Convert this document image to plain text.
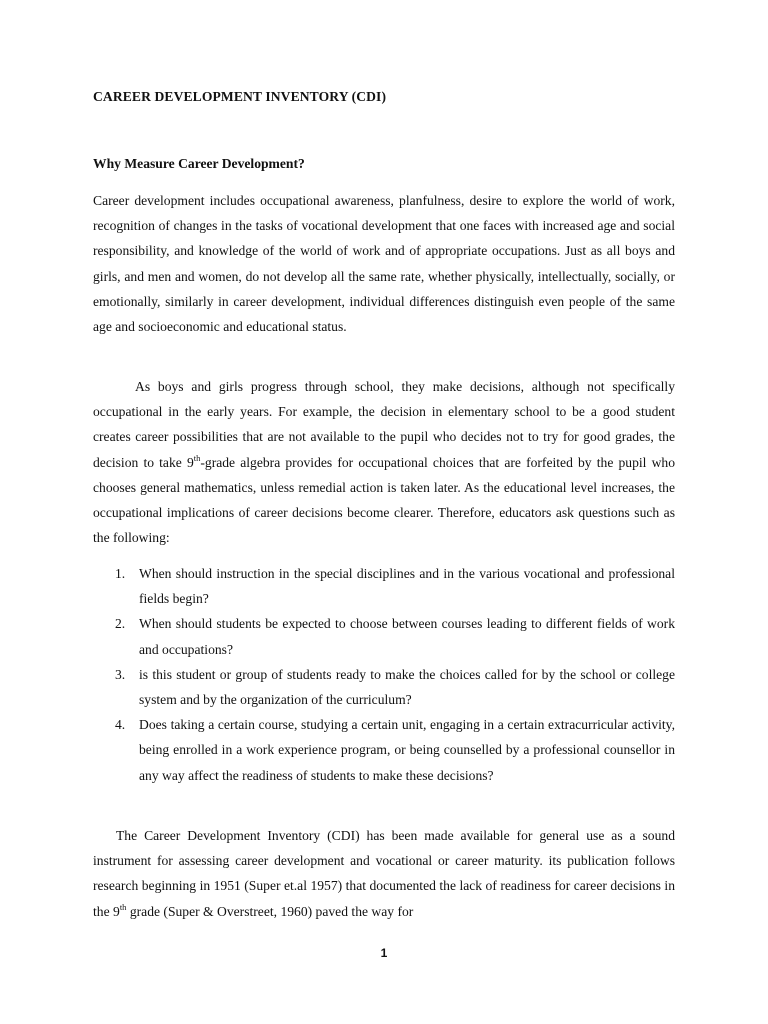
CAREER DEVELOPMENT INVENTORY (CDI)
Why Measure Career Development?

Career development includes occupational awareness, planfulness, desire to explore the world of work, recognition of changes in the tasks of vocational development that one faces with increased age and social responsibility, and knowledge of the world of work and of appropriate occupations. Just as all boys and girls, and men and women, do not develop all the same rate, whether physically, intellectually, socially, or emotionally, similarly in career development, individual differences distinguish even people of the same age and socioeconomic and educational status.

As boys and girls progress through school, they make decisions, although not specifically occupational in the early years. For example, the decision in elementary school to be a good student creates career possibilities that are not available to the pupil who decides not to try for good grades, the decision to take 9th-grade algebra provides for occupational choices that are forfeited by the pupil who chooses general mathematics, unless remedial action is taken later. As the educational level increases, the occupational implications of career decisions become clearer. Therefore, educators ask questions such as the following:

1. When should instruction in the special disciplines and in the various vocational and professional fields begin?
2. When should students be expected to choose between courses leading to different fields of work and occupations?
3. is this student or group of students ready to make the choices called for by the school or college system and by the organization of the curriculum?
4. Does taking a certain course, studying a certain unit, engaging in a certain extracurricular activity, being enrolled in a work experience program, or being counselled by a professional counsellor in any way affect the readiness of students to make these decisions?

The Career Development Inventory (CDI) has been made available for general use as a sound instrument for assessing career development and vocational or career maturity. its publication follows research beginning in 1951 (Super et.al 1957) that documented the lack of readiness for career decisions in the 9th grade (Super & Overstreet, 1960) paved the way for

1
